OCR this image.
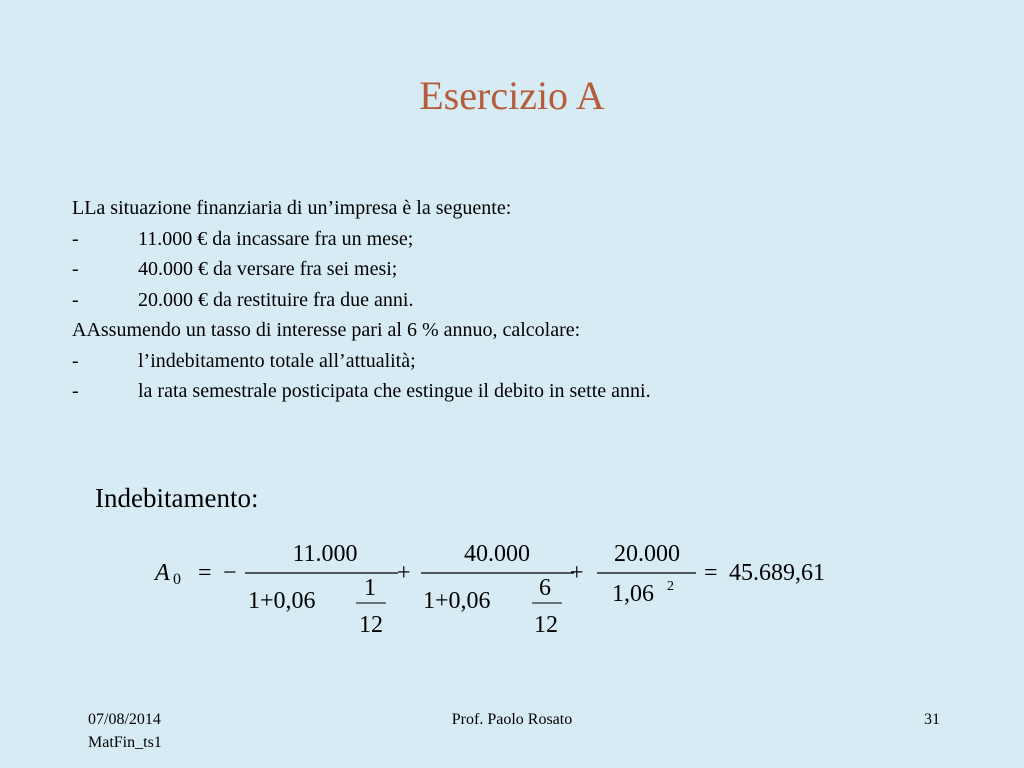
Esercizio A
LLa situazione finanziaria di un’impresa è la seguente:
-	11.000 € da incassare fra un mese;
-	40.000 € da versare fra sei mesi;
-	20.000 € da restituire fra due anni.
AAssumendo un tasso di interesse pari al 6 % annuo, calcolare:
-	l’indebitamento totale all’attualità;
-	la rata semestrale posticipata che estingue il debito in sette anni.
Indebitamento:
A 0 = −
11.000
1+0,06 1
12
+
40.000
1+0,06 6
12
+
20.000
1,06 2
= 45.689,61
07/08/2014
MatFin_ts1
Prof. Paolo Rosato	31
